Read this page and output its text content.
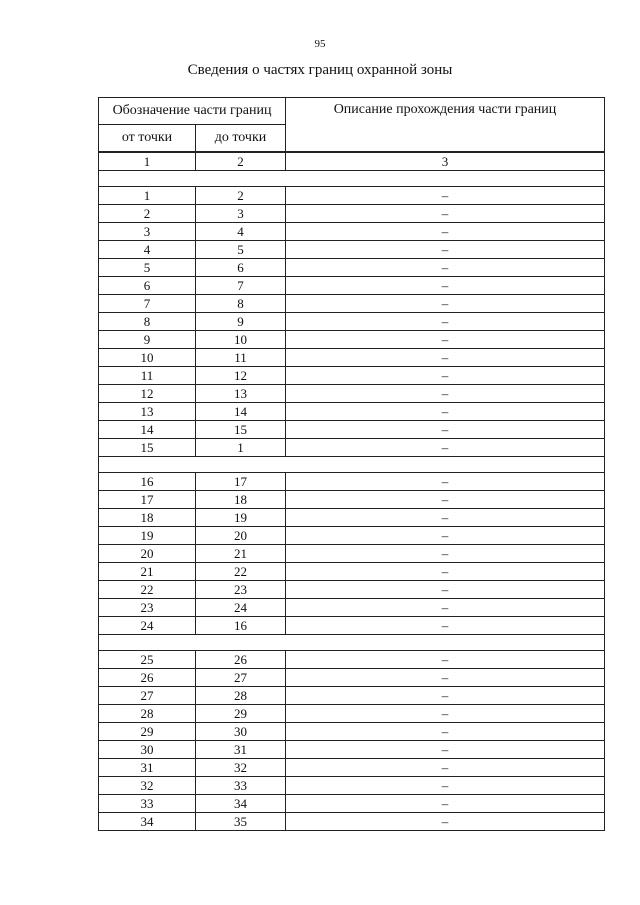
95
Сведения о частях границ охранной зоны
Обозначение части границ		Описание прохождения части границ
от точки	до точки	
1	2	3

1	2	–
2	3	–
3	4	–
4	5	–
5	6	–
6	7	–
7	8	–
8	9	–
9	10	–
10	11	–
11	12	–
12	13	–
13	14	–
14	15	–
15	1	–

16	17	–
17	18	–
18	19	–
19	20	–
20	21	–
21	22	–
22	23	–
23	24	–
24	16	–

25	26	–
26	27	–
27	28	–
28	29	–
29	30	–
30	31	–
31	32	–
32	33	–
33	34	–
34	35	–
